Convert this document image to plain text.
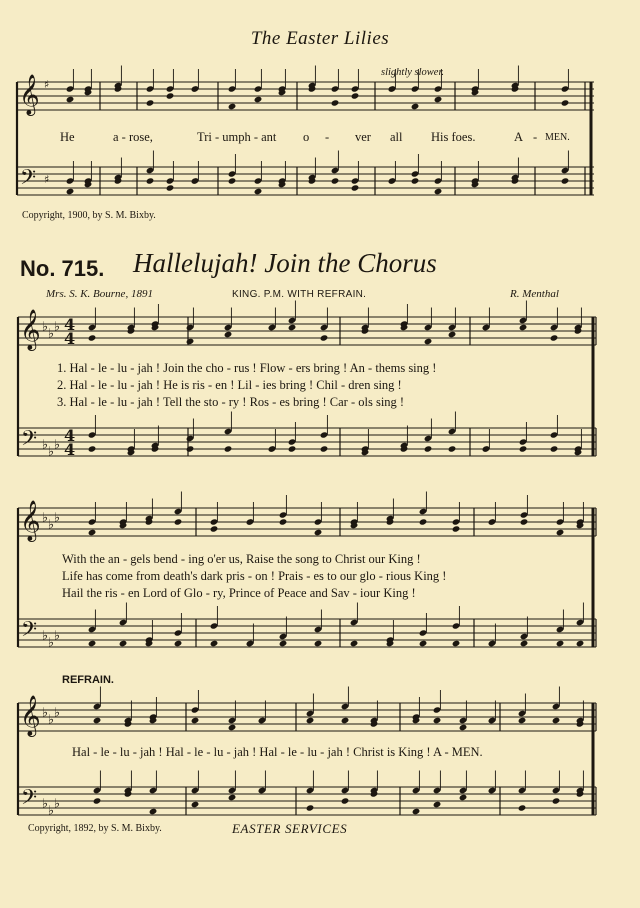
𝄞 ♯
𝄢 ♯
𝄞
𝄢
♭ ♭ ♭
♭ ♭ ♭
4
4
4
4
𝄞
𝄢
♭ ♭ ♭
♭ ♭ ♭
𝄞
𝄢
♭ ♭ ♭
♭ ♭ ♭
The Easter Lilies
slightly slower.
He	a - rose,	Tri - umph - ant o - ver all His foes.	A - MEN.
Copyright, 1900, by S. M. Bixby.
No. 715. Hallelujah! Join the Chorus
Mrs. S. K. Bourne, 1891	KING. P.M. WITH REFRAIN.	R. Menthal
1. Hal - le - lu - jah ! Join the cho - rus ! Flow - ers bring ! An - thems sing !
2. Hal - le - lu - jah ! He is ris - en ! Lil - ies bring ! Chil - dren sing !
3. Hal - le - lu - jah ! Tell the sto - ry ! Ros - es bring ! Car - ols sing !
With the an - gels bend - ing o'er us, Raise the song to Christ our King !
Life has come from death's dark pris - on ! Prais - es to our glo - rious King !
Hail the ris - en Lord of Glo - ry, Prince of Peace and Sav - iour King !
REFRAIN.
Hal - le - lu - jah ! Hal - le - lu - jah ! Hal - le - lu - jah ! Christ is King ! A - MEN.
Copyright, 1892, by S. M. Bixby.	EASTER SERVICES
